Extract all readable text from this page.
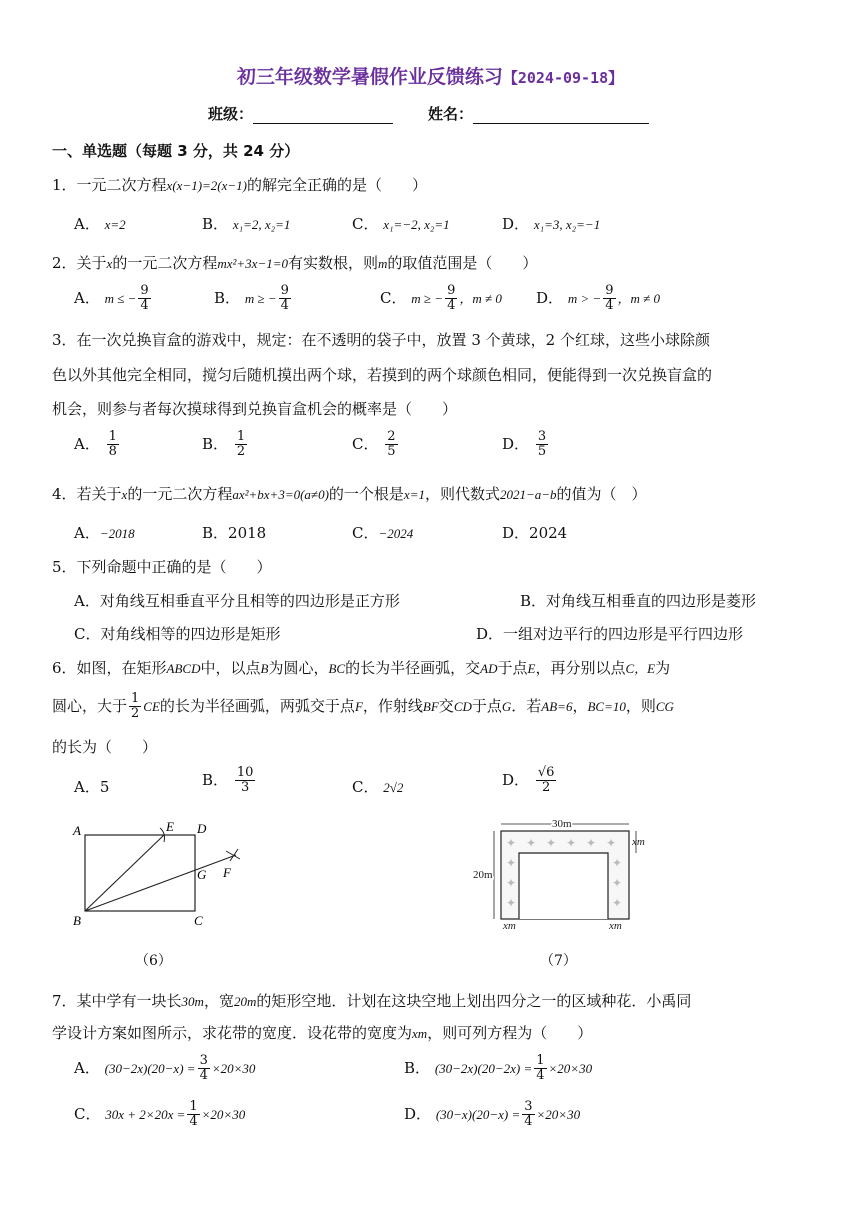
初三年级数学暑假作业反馈练习【2024-09-18】
班级：	姓名：
一、单选题（每题 3 分，共 24 分）
1．一元二次方程x(x−1)=2(x−1)的解完全正确的是（　　）
A． x=2	B． x₁=2, x₂=1	C． x₁=−2, x₂=1	D． x₁=3, x₂=−1
2．关于x的一元二次方程mx²+3x−1=0有实数根，则m的取值范围是（　　）
A． m ≤ − $\frac{9}{4}$	B． m ≥ − $\frac{9}{4}$	C． m ≥ − $\frac{9}{4}$ ，m ≠ 0 D． m > − $\frac{9}{4}$ ，m ≠ 0
3．在一次兑换盲盒的游戏中，规定：在不透明的袋子中，放置 3 个黄球，2 个红球，这些小球除颜
色以外其他完全相同，搅匀后随机摸出两个球，若摸到的两个球颜色相同，便能得到一次兑换盲盒的
机会，则参与者每次摸球得到兑换盲盒机会的概率是（　　）
A． $\frac{1}{8}$	B． $\frac{1}{2}$	C． $\frac{2}{5}$	D． $\frac{3}{5}$
4．若关于x的一元二次方程ax²+bx+3=0(a≠0)的一个根是x=1，则代数式2021−a−b的值为（　）
A．−2018	B．2018	C．−2024	D．2024
5．下列命题中正确的是（　　）
A．对角线互相垂直平分且相等的四边形是正方形	B．对角线互相垂直的四边形是菱形
C．对角线相等的四边形是矩形	D．一组对边平行的四边形是平行四边形
6．如图，在矩形ABCD中，以点B为圆心，BC的长为半径画弧，交AD于点E，再分别以点C，E为
圆心，大于 $\frac{1}{2}$ CE的长为半径画弧，两弧交于点F，作射线BF交CD于点G．若AB=6，BC=10，则CG
的长为（　　）
A．5	B． $\frac{10}{3}$	C． 2√2	D． $\frac{√6}{2}$
A	E D
G F
B	C
（6）
✦ ✦ ✦ ✦ ✦ ✦
✦
✦
✦
✦
✦
✦
30m
20m
xm
xm	xm
（7）
7．某中学有一块长30m，宽20m的矩形空地．计划在这块空地上划出四分之一的区域种花．小禹同
学设计方案如图所示，求花带的宽度．设花带的宽度为xm，则可列方程为（　　）
A． $(30-2x)(20-x) = \frac{3}{4} \times 20\times 30$	B． $(30-2x)(20-2x) = \frac{1}{4} \times 20\times 30$
C． $30x + 2\times 20x = \frac{1}{4} \times 20\times 30$	D． $(30-x)(20-x) = \frac{3}{4} \times 20\times 30$
